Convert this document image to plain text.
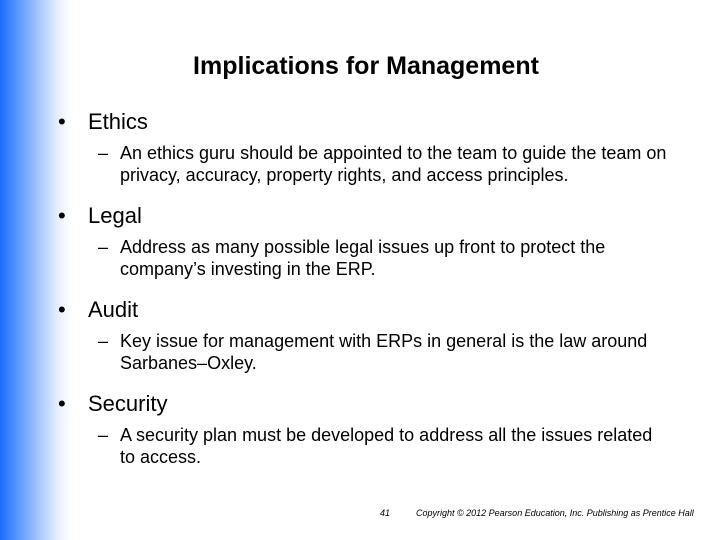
Implications for Management
•	Ethics
– An ethics guru should be appointed to the team to guide the team on privacy, accuracy, property rights, and access principles.
•	Legal
– Address as many possible legal issues up front to protect the company’s investing in the ERP.
•	Audit
– Key issue for management with ERPs in general is the law around Sarbanes–Oxley.
•	Security
– A security plan must be developed to address all the issues related to access.
41	Copyright © 2012 Pearson Education, Inc. Publishing as Prentice Hall
